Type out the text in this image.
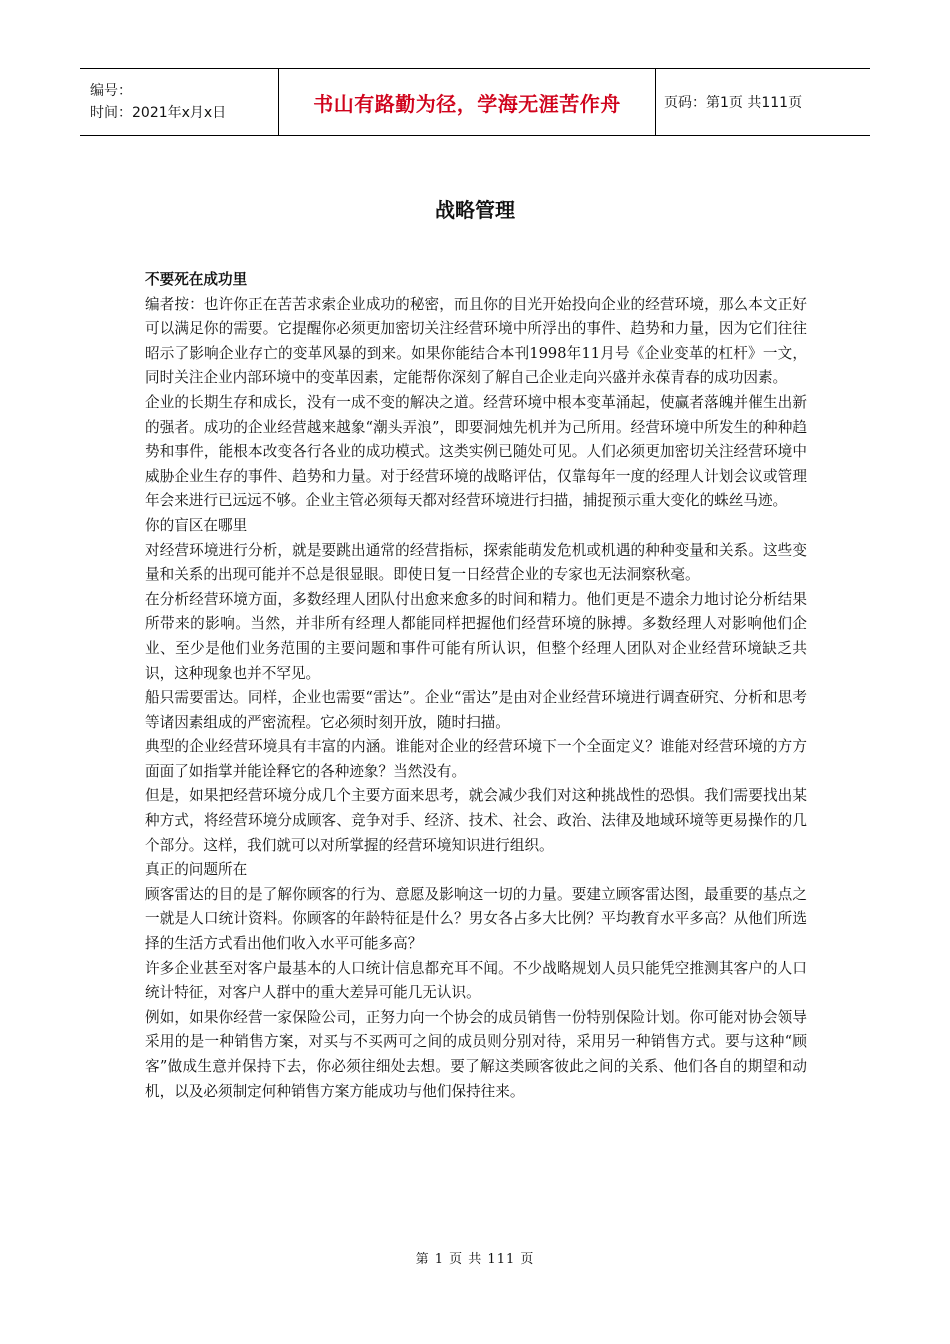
编号：
时间：2021年x月x日	书山有路勤为径，学海无涯苦作舟	页码：第1页 共111页
战略管理

不要死在成功里

编者按：也许你正在苦苦求索企业成功的秘密，而且你的目光开始投向企业的经营环境，那么本文正好可以满足你的需要。它提醒你必须更加密切关注经营环境中所浮出的事件、趋势和力量，因为它们往往昭示了影响企业存亡的变革风暴的到来。如果你能结合本刊1998年11月号《企业变革的杠杆》一文，同时关注企业内部环境中的变革因素，定能帮你深刻了解自己企业走向兴盛并永葆青春的成功因素。

企业的长期生存和成长，没有一成不变的解决之道。经营环境中根本变革涌起，使赢者落魄并催生出新的强者。成功的企业经营越来越象“潮头弄浪”，即要洞烛先机并为己所用。经营环境中所发生的种种趋势和事件，能根本改变各行各业的成功模式。这类实例已随处可见。人们必须更加密切关注经营环境中威胁企业生存的事件、趋势和力量。对于经营环境的战略评估，仅靠每年一度的经理人计划会议或管理年会来进行已远远不够。企业主管必须每天都对经营环境进行扫描，捕捉预示重大变化的蛛丝马迹。

你的盲区在哪里

对经营环境进行分析，就是要跳出通常的经营指标，探索能萌发危机或机遇的种种变量和关系。这些变量和关系的出现可能并不总是很显眼。即使日复一日经营企业的专家也无法洞察秋毫。

在分析经营环境方面，多数经理人团队付出愈来愈多的时间和精力。他们更是不遗余力地讨论分析结果所带来的影响。当然，并非所有经理人都能同样把握他们经营环境的脉搏。多数经理人对影响他们企业、至少是他们业务范围的主要问题和事件可能有所认识，但整个经理人团队对企业经营环境缺乏共识，这种现象也并不罕见。

船只需要雷达。同样，企业也需要“雷达”。企业“雷达”是由对企业经营环境进行调查研究、分析和思考等诸因素组成的严密流程。它必须时刻开放，随时扫描。

典型的企业经营环境具有丰富的内涵。谁能对企业的经营环境下一个全面定义？谁能对经营环境的方方面面了如指掌并能诠释它的各种迹象？当然没有。

但是，如果把经营环境分成几个主要方面来思考，就会减少我们对这种挑战性的恐惧。我们需要找出某种方式，将经营环境分成顾客、竞争对手、经济、技术、社会、政治、法律及地域环境等更易操作的几个部分。这样，我们就可以对所掌握的经营环境知识进行组织。

真正的问题所在

顾客雷达的目的是了解你顾客的行为、意愿及影响这一切的力量。要建立顾客雷达图，最重要的基点之一就是人口统计资料。你顾客的年龄特征是什么？男女各占多大比例？平均教育水平多高？从他们所选择的生活方式看出他们收入水平可能多高？

许多企业甚至对客户最基本的人口统计信息都充耳不闻。不少战略规划人员只能凭空推测其客户的人口统计特征，对客户人群中的重大差异可能几无认识。

例如，如果你经营一家保险公司，正努力向一个协会的成员销售一份特别保险计划。你可能对协会领导采用的是一种销售方案，对买与不买两可之间的成员则分别对待，采用另一种销售方式。要与这种“顾客”做成生意并保持下去，你必须往细处去想。要了解这类顾客彼此之间的关系、他们各自的期望和动机，以及必须制定何种销售方案方能成功与他们保持往来。

第 1 页 共 111 页
